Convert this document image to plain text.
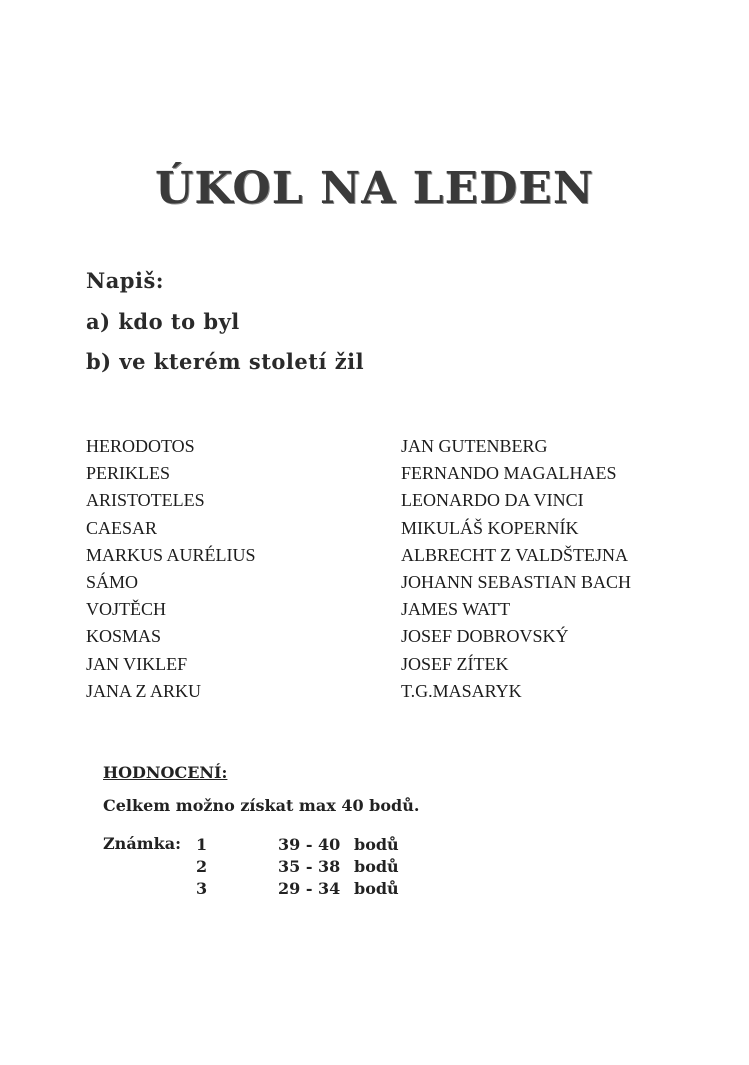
ÚKOL NA LEDEN

Napiš:

a) kdo to byl

b) ve kterém století žil

HERODOTOS
PERIKLES
ARISTOTELES
CAESAR
MARKUS AURÉLIUS
SÁMO
VOJTĚCH
KOSMAS
JAN VIKLEF
JANA Z ARKU
JAN GUTENBERG
FERNANDO MAGALHAES
LEONARDO DA VINCI
MIKULÁŠ KOPERNÍK
ALBRECHT Z VALDŠTEJNA
JOHANN SEBASTIAN BACH
JAMES WATT
JOSEF DOBROVSKÝ
JOSEF ZÍTEK
T.G.MASARYK

HODNOCENÍ:

Celkem možno získat max 40 bodů.

Známka: 1	39 - 40 bodů
2	35 - 38 bodů
3	29 - 34 bodů
